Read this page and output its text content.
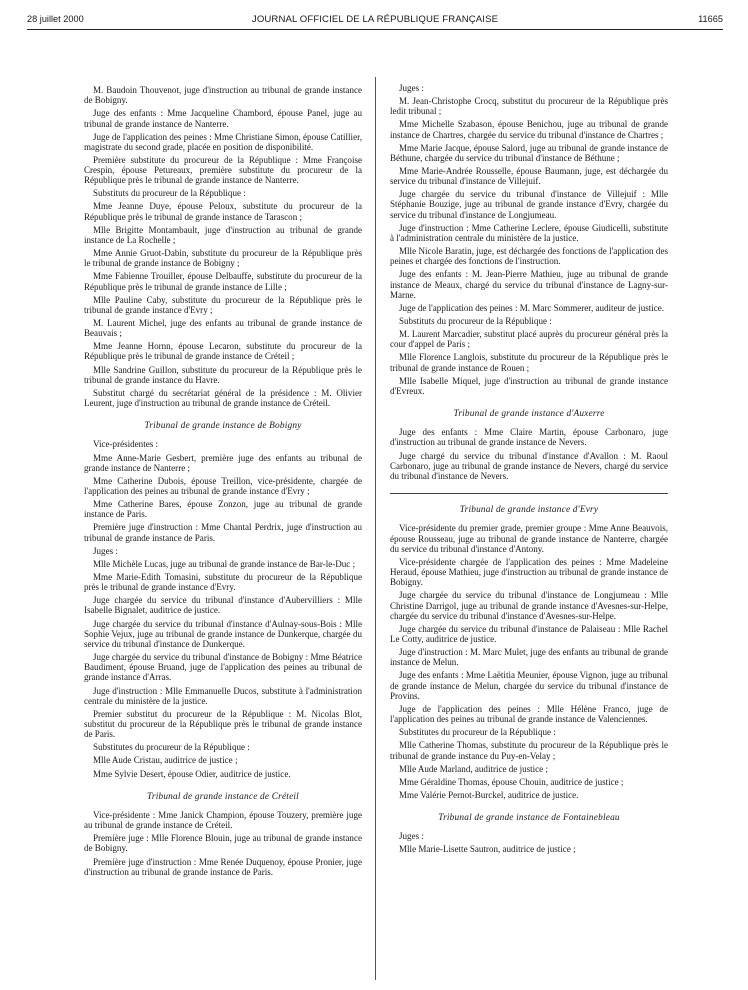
28 juillet 2000	JOURNAL OFFICIEL DE LA RÉPUBLIQUE FRANÇAISE	11665

M. Baudoin Thouvenot, juge d'instruction au tribunal de grande instance de Bobigny.

Juge des enfants : Mme Jacqueline Chambord, épouse Panel, juge au tribunal de grande instance de Nanterre.

Juge de l'application des peines : Mme Christiane Simon, épouse Catillier, magistrate du second grade, placée en position de disponibilité.

Première substitute du procureur de la République : Mme Françoise Crespin, épouse Petureaux, première substitute du procureur de la République près le tribunal de grande instance de Nanterre.

Substituts du procureur de la République :

Mme Jeanne Duye, épouse Peloux, substitute du procureur de la République près le tribunal de grande instance de Tarascon ;

Mlle Brigitte Montambault, juge d'instruction au tribunal de grande instance de La Rochelle ;

Mme Annie Gruot-Dabin, substitute du procureur de la République près le tribunal de grande instance de Bobigny ;

Mme Fabienne Trouiller, épouse Delbauffe, substitute du procureur de la République près le tribunal de grande instance de Lille ;

Mlle Pauline Caby, substitute du procureur de la République près le tribunal de grande instance d'Evry ;

M. Laurent Michel, juge des enfants au tribunal de grande instance de Beauvais ;

Mme Jeanne Hornn, épouse Lecaron, substitute du procureur de la République près le tribunal de grande instance de Créteil ;

Mlle Sandrine Guillon, substitute du procureur de la République près le tribunal de grande instance du Havre.

Substitut chargé du secrétariat général de la présidence : M. Olivier Leurent, juge d'instruction au tribunal de grande instance de Créteil.

Tribunal de grande instance de Bobigny

Vice-présidentes :

Mme Anne-Marie Gesbert, première juge des enfants au tribunal de grande instance de Nanterre ;

Mme Catherine Dubois, épouse Treillon, vice-présidente, chargée de l'application des peines au tribunal de grande instance d'Evry ;

Mme Catherine Bares, épouse Zonzon, juge au tribunal de grande instance de Paris.

Première juge d'instruction : Mme Chantal Perdrix, juge d'instruction au tribunal de grande instance de Paris.

Juges :

Mlle Michèle Lucas, juge au tribunal de grande instance de Bar-le-Duc ;

Mme Marie-Edith Tomasini, substitute du procureur de la République près le tribunal de grande instance d'Evry.

Juge chargée du service du tribunal d'instance d'Aubervilliers : Mlle Isabelle Bignalet, auditrice de justice.

Juge chargée du service du tribunal d'instance d'Aulnay-sous-Bois : Mlle Sophie Vejux, juge au tribunal de grande instance de Dunkerque, chargée du service du tribunal d'instance de Dunkerque.

Juge chargée du service du tribunal d'instance de Bobigny : Mme Béatrice Baudiment, épouse Bruand, juge de l'application des peines au tribunal de grande instance d'Arras.

Juge d'instruction : Mlle Emmanuelle Ducos, substitute à l'administration centrale du ministère de la justice.

Premier substitut du procureur de la République : M. Nicolas Blot, substitut du procureur de la République près le tribunal de grande instance de Paris.

Substitutes du procureur de la République :

Mlle Aude Cristau, auditrice de justice ;

Mme Sylvie Desert, épouse Odier, auditrice de justice.

Tribunal de grande instance de Créteil

Vice-présidente : Mme Janick Champion, épouse Touzery, première juge au tribunal de grande instance de Créteil.

Première juge : Mlle Florence Blouin, juge au tribunal de grande instance de Bobigny.

Première juge d'instruction : Mme Renée Duquenoy, épouse Pronier, juge d'instruction au tribunal de grande instance de Paris.

Juges :

M. Jean-Christophe Crocq, substitut du procureur de la République près ledit tribunal ;

Mme Michelle Szabason, épouse Benichou, juge au tribunal de grande instance de Chartres, chargée du service du tribunal d'instance de Chartres ;

Mme Marie Jacque, épouse Salord, juge au tribunal de grande instance de Béthune, chargée du service du tribunal d'instance de Béthune ;

Mme Marie-Andrée Rousselle, épouse Baumann, juge, est déchargée du service du tribunal d'instance de Villejuif.

Juge chargée du service du tribunal d'instance de Villejuif : Mlle Stéphanie Bouzige, juge au tribunal de grande instance d'Evry, chargée du service du tribunal d'instance de Longjumeau.

Juge d'instruction : Mme Catherine Leclere, épouse Giudicelli, substitute à l'administration centrale du ministère de la justice.

Mlle Nicole Baratin, juge, est déchargée des fonctions de l'application des peines et chargée des fonctions de l'instruction.

Juge des enfants : M. Jean-Pierre Mathieu, juge au tribunal de grande instance de Meaux, chargé du service du tribunal d'instance de Lagny-sur-Marne.

Juge de l'application des peines : M. Marc Sommerer, auditeur de justice.

Substituts du procureur de la République :

M. Laurent Marcadier, substitut placé auprès du procureur général près la cour d'appel de Paris ;

Mlle Florence Langlois, substitute du procureur de la République près le tribunal de grande instance de Rouen ;

Mlle Isabelle Miquel, juge d'instruction au tribunal de grande instance d'Evreux.

Tribunal de grande instance d'Auxerre

Juge des enfants : Mme Claire Martin, épouse Carbonaro, juge d'instruction au tribunal de grande instance de Nevers.

Juge chargé du service du tribunal d'instance d'Avallon : M. Raoul Carbonaro, juge au tribunal de grande instance de Nevers, chargé du service du tribunal d'instance de Nevers.

Tribunal de grande instance d'Evry

Vice-présidente du premier grade, premier groupe : Mme Anne Beauvois, épouse Rousseau, juge au tribunal de grande instance de Nanterre, chargée du service du tribunal d'instance d'Antony.

Vice-présidente chargée de l'application des peines : Mme Madeleine Heraud, épouse Mathieu, juge d'instruction au tribunal de grande instance de Bobigny.

Juge chargée du service du tribunal d'instance de Longjumeau : Mlle Christine Darrigol, juge au tribunal de grande instance d'Avesnes-sur-Helpe, chargée du service du tribunal d'instance d'Avesnes-sur-Helpe.

Juge chargée du service du tribunal d'instance de Palaiseau : Mlle Rachel Le Cotty, auditrice de justice.

Juge d'instruction : M. Marc Mulet, juge des enfants au tribunal de grande instance de Melun.

Juge des enfants : Mme Laëtitia Meunier, épouse Vignon, juge au tribunal de grande instance de Melun, chargée du service du tribunal d'instance de Provins.

Juge de l'application des peines : Mlle Hélène Franco, juge de l'application des peines au tribunal de grande instance de Valenciennes.

Substitutes du procureur de la République :

Mlle Catherine Thomas, substitute du procureur de la République près le tribunal de grande instance du Puy-en-Velay ;

Mlle Aude Marland, auditrice de justice ;

Mme Géraldine Thomas, épouse Chouin, auditrice de justice ;

Mme Valérie Pernot-Burckel, auditrice de justice.

Tribunal de grande instance de Fontainebleau

Juges :

Mlle Marie-Lisette Sautron, auditrice de justice ;
